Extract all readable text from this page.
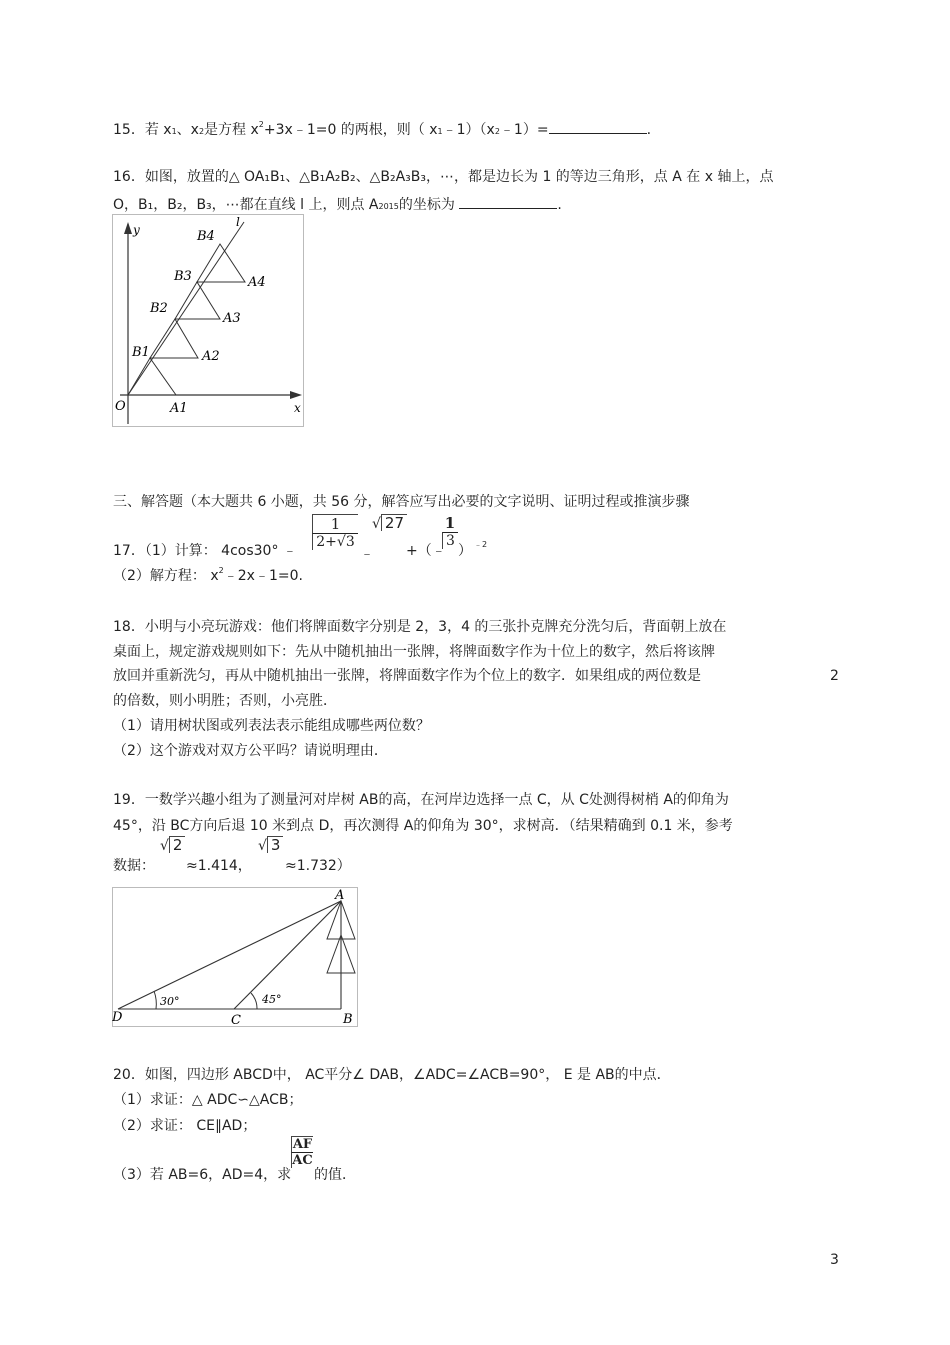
15．若 x1、x2是方程 $x^2+3x﹣1=0$ 的两根，则（ x1﹣1）（x2﹣1）=	.
16．如图，放置的△ OA₁B₁、△B₁A₂B₂、△B₂A₃B₃，⋯，都是边长为 1 的等边三角形，点 A 在 x 轴上，点
O，B₁，B₂，B₃，⋯都在直线 l 上，则点 A2015的坐标为	.
y
l
B4
A4
B3
B2
A3
B1	A2
O	A1	x
三、解答题（本大题共 6 小题，共 56 分，解答应写出必要的文字说明、证明过程或推演步骤
17．（1）计算： 4cos30° ﹣
$\frac{1}{2+√3}$
﹣
√ 27
+（﹣
$\frac{1}{3}$
） ﹣2
（2）解方程： $x^2﹣2x﹣1=0$.
18．小明与小亮玩游戏：他们将牌面数字分别是 2，3，4 的三张扑克牌充分洗匀后，背面朝上放在
桌面上，规定游戏规则如下：先从中随机抽出一张牌，将牌面数字作为十位上的数字，然后将该牌
放回并重新洗匀，再从中随机抽出一张牌，将牌面数字作为个位上的数字．如果组成的两位数是	2
的倍数，则小明胜；否则，小亮胜．
（1）请用树状图或列表法表示能组成哪些两位数？
（2）这个游戏对双方公平吗？请说明理由．
19．一数学兴趣小组为了测量河对岸树 AB的高，在河岸边选择一点 C，从 C处测得树梢 A的仰角为
45°，沿 BC方向后退 10 米到点 D，再次测得 A的仰角为 30°，求树高．（结果精确到 0.1 米，参考
数据：
√ 2
≈1.414，
√ 3
≈1.732）
A
D
30°
C
45°
B
20．如图，四边形 ABCD中， AC平分∠ DAB，∠ADC=∠ACB=90°， E 是 AB的中点．
（1）求证：△ ADC∽△ACB；
（2）求证： CE∥AD；
（3）若 AB=6，AD=4，求
$\frac{AF}{AC}$
的值．
3
